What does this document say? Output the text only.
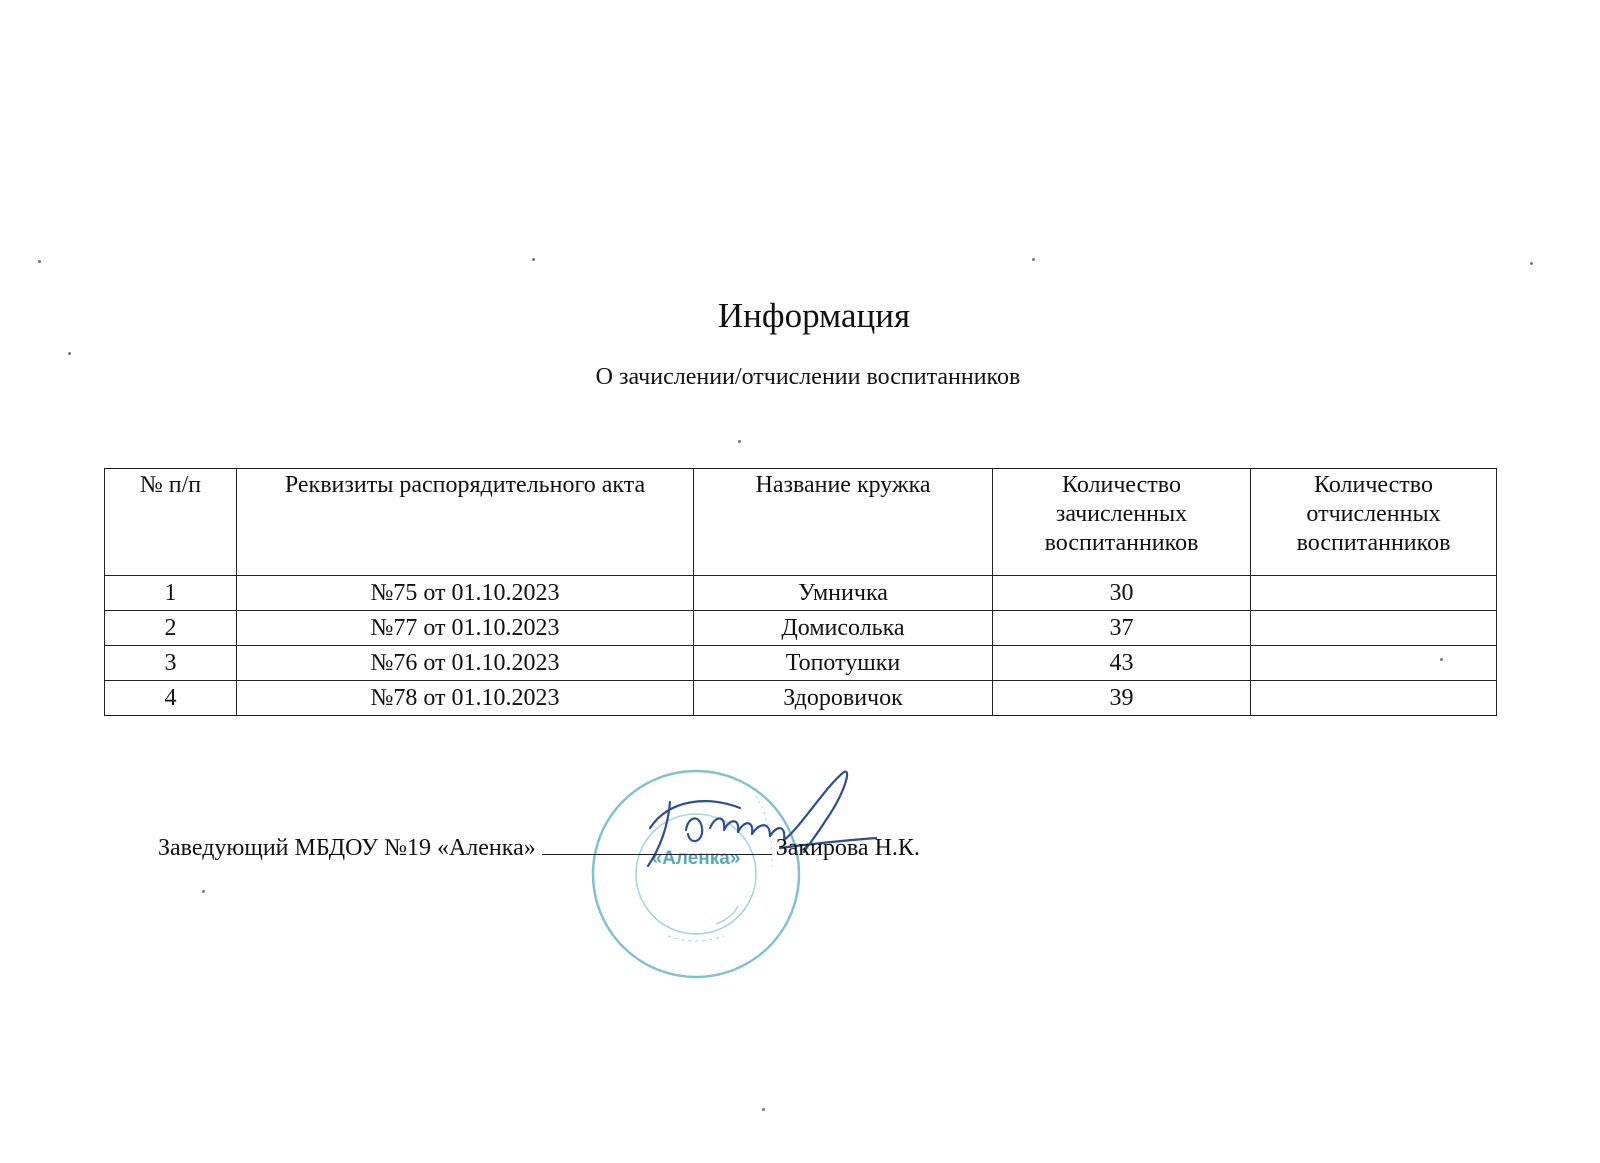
Информация
О зачислении/отчислении воспитанников
№ п/п	Реквизиты распорядительного акта	Название кружка	Количество зачисленных воспитанников	Количество отчисленных воспитанников
1	№75 от 01.10.2023	Умничка	30	
2	№77 от 01.10.2023	Домисолька	37	
3	№76 от 01.10.2023	Топотушки	43	
4	№78 от 01.10.2023	Здоровичок	39	
«Аленка»
Заведующий МБДОУ №19 «Аленка»	Закирова Н.К.
